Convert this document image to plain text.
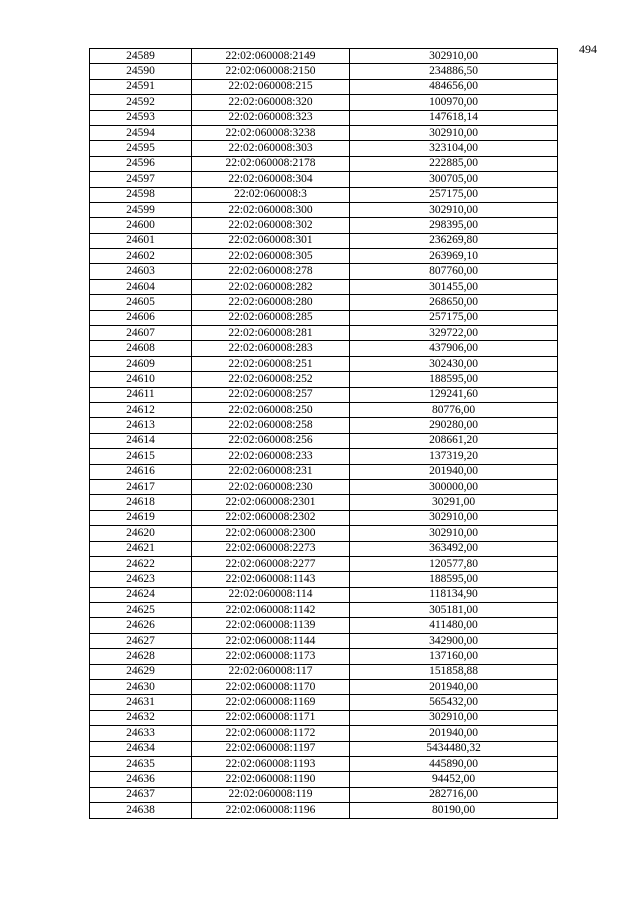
494
24589	22:02:060008:2149	302910,00
24590	22:02:060008:2150	234886,50
24591	22:02:060008:215	484656,00
24592	22:02:060008:320	100970,00
24593	22:02:060008:323	147618,14
24594	22:02:060008:3238	302910,00
24595	22:02:060008:303	323104,00
24596	22:02:060008:2178	222885,00
24597	22:02:060008:304	300705,00
24598	22:02:060008:3	257175,00
24599	22:02:060008:300	302910,00
24600	22:02:060008:302	298395,00
24601	22:02:060008:301	236269,80
24602	22:02:060008:305	263969,10
24603	22:02:060008:278	807760,00
24604	22:02:060008:282	301455,00
24605	22:02:060008:280	268650,00
24606	22:02:060008:285	257175,00
24607	22:02:060008:281	329722,00
24608	22:02:060008:283	437906,00
24609	22:02:060008:251	302430,00
24610	22:02:060008:252	188595,00
24611	22:02:060008:257	129241,60
24612	22:02:060008:250	80776,00
24613	22:02:060008:258	290280,00
24614	22:02:060008:256	208661,20
24615	22:02:060008:233	137319,20
24616	22:02:060008:231	201940,00
24617	22:02:060008:230	300000,00
24618	22:02:060008:2301	30291,00
24619	22:02:060008:2302	302910,00
24620	22:02:060008:2300	302910,00
24621	22:02:060008:2273	363492,00
24622	22:02:060008:2277	120577,80
24623	22:02:060008:1143	188595,00
24624	22:02:060008:114	118134,90
24625	22:02:060008:1142	305181,00
24626	22:02:060008:1139	411480,00
24627	22:02:060008:1144	342900,00
24628	22:02:060008:1173	137160,00
24629	22:02:060008:117	151858,88
24630	22:02:060008:1170	201940,00
24631	22:02:060008:1169	565432,00
24632	22:02:060008:1171	302910,00
24633	22:02:060008:1172	201940,00
24634	22:02:060008:1197	5434480,32
24635	22:02:060008:1193	445890,00
24636	22:02:060008:1190	94452,00
24637	22:02:060008:119	282716,00
24638	22:02:060008:1196	80190,00
